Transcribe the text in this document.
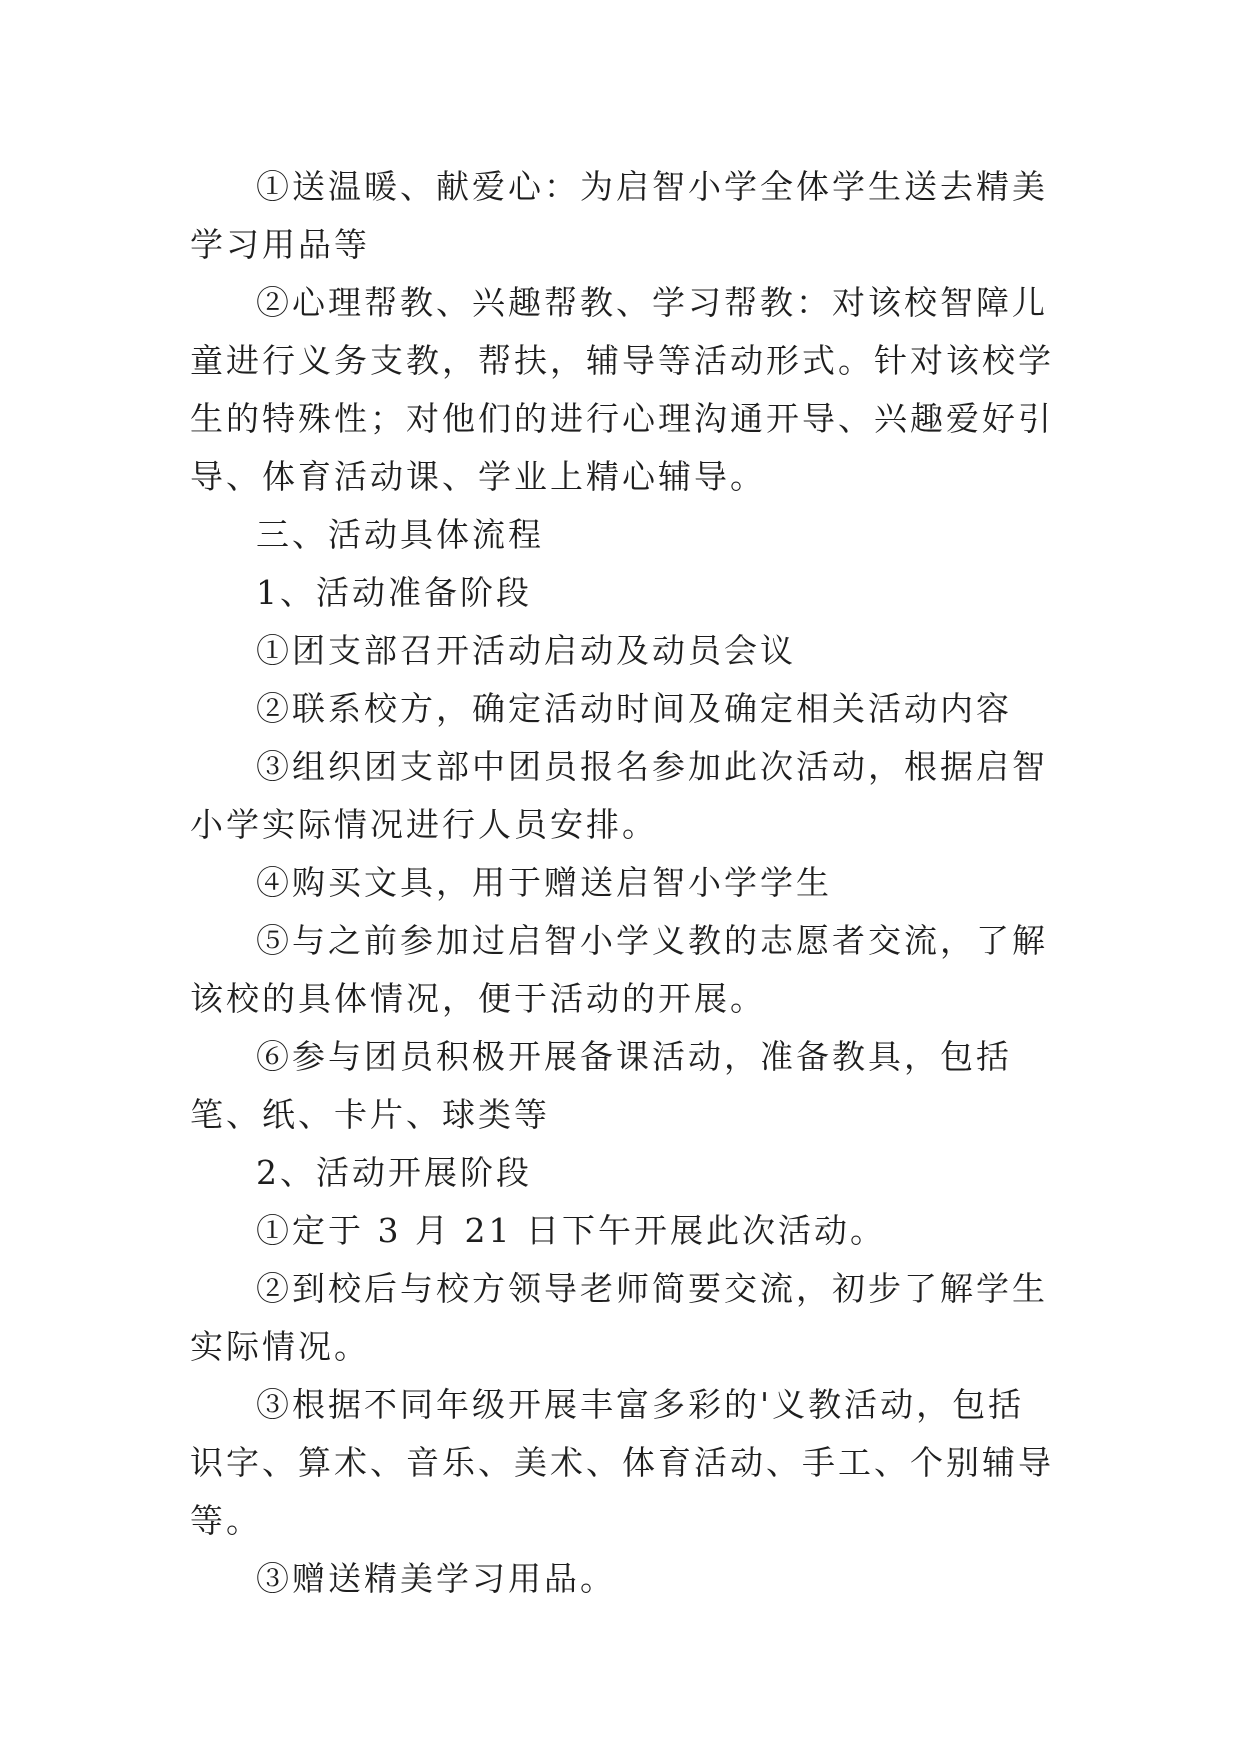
①送温暖、献爱心：为启智小学全体学生送去精美学习用品等

②心理帮教、兴趣帮教、学习帮教：对该校智障儿童进行义务支教，帮扶，辅导等活动形式。针对该校学生的特殊性；对他们的进行心理沟通开导、兴趣爱好引导、体育活动课、学业上精心辅导。

三、活动具体流程

1、活动准备阶段

①团支部召开活动启动及动员会议

②联系校方，确定活动时间及确定相关活动内容

③组织团支部中团员报名参加此次活动，根据启智小学实际情况进行人员安排。

④购买文具，用于赠送启智小学学生

⑤与之前参加过启智小学义教的志愿者交流，了解该校的具体情况，便于活动的开展。

⑥参与团员积极开展备课活动，准备教具，包括笔、纸、卡片、球类等

2、活动开展阶段

①定于 3 月 21 日下午开展此次活动。

②到校后与校方领导老师简要交流，初步了解学生实际情况。

③根据不同年级开展丰富多彩的'义教活动，包括识字、算术、音乐、美术、体育活动、手工、个别辅导等。

③赠送精美学习用品。
